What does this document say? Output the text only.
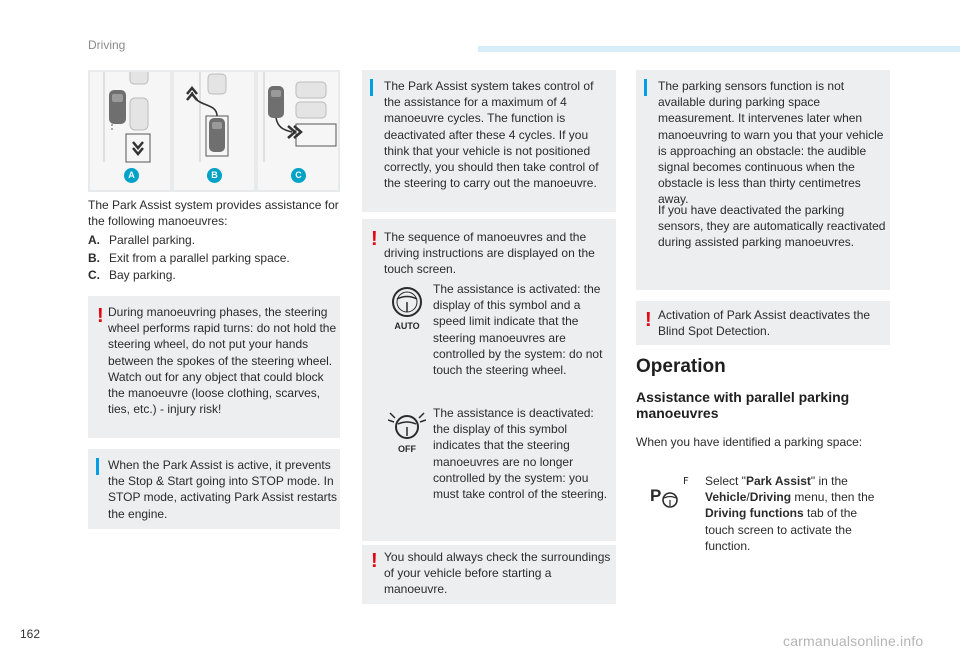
Driving
A	B	C
The Park Assist system provides assistance for the following manoeuvres:
A. Parallel parking.
B. Exit from a parallel parking space.
C. Bay parking.
! During manoeuvring phases, the steering wheel performs rapid turns: do not hold the steering wheel, do not put your hands between the spokes of the steering wheel. Watch out for any object that could block the manoeuvre (loose clothing, scarves, ties, etc.) - injury risk!
When the Park Assist is active, it prevents the Stop & Start going into STOP mode. In STOP mode, activating Park Assist restarts the engine.
The Park Assist system takes control of the assistance for a maximum of 4 manoeuvre cycles. The function is deactivated after these 4 cycles. If you think that your vehicle is not positioned correctly, you should then take control of the steering to carry out the manoeuvre.
! The sequence of manoeuvres and the driving instructions are displayed on the touch screen.
AUTO
The assistance is activated: the display of this symbol and a speed limit indicate that the steering manoeuvres are controlled by the system: do not touch the steering wheel.
OFF
The assistance is deactivated: the display of this symbol indicates that the steering manoeuvres are no longer controlled by the system: you must take control of the steering.
! You should always check the surroundings of your vehicle before starting a manoeuvre.
The parking sensors function is not available during parking space measurement. It intervenes later when manoeuvring to warn you that your vehicle is approaching an obstacle: the audible signal becomes continuous when the obstacle is less than thirty centimetres away.
If you have deactivated the parking sensors, they are automatically reactivated during assisted parking manoeuvres.
! Activation of Park Assist deactivates the Blind Spot Detection.
Operation
Assistance with parallel parking manoeuvres
When you have identified a parking space:
P
F Select "Park Assist" in the Vehicle/Driving menu, then the Driving functions tab of the touch screen to activate the function.
162	carmanualsonline.info
